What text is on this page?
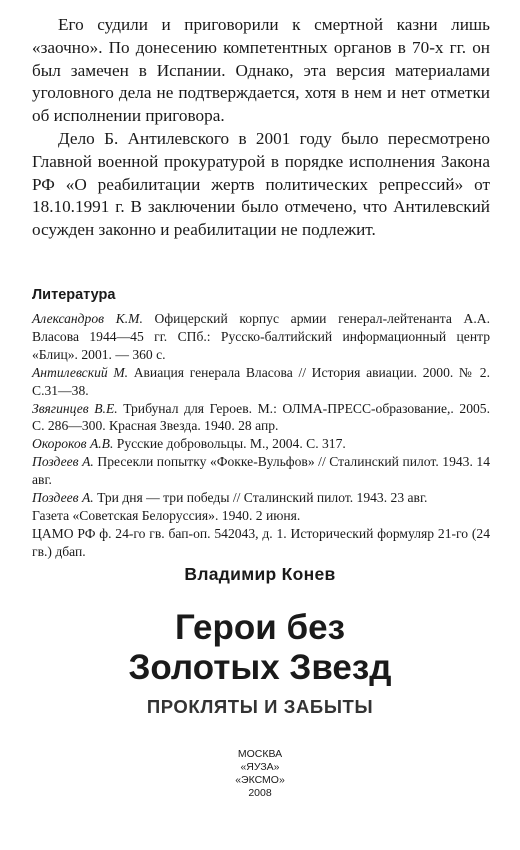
Его судили и приговорили к смертной казни лишь «заочно». По донесению компетентных органов в 70-х гг. он был замечен в Испании. Однако, эта версия материалами уголовного дела не подтверждается, хотя в нем и нет отметки об исполнении приговора.

Дело Б. Антилевского в 2001 году было пересмотрено Главной военной прокуратурой в порядке исполнения Закона РФ «О реабилитации жертв политических репрессий» от 18.10.1991 г. В заключении было отмечено, что Антилевский осужден законно и реабилитации не подлежит.

Литература

Александров К.М. Офицерский корпус армии генерал-лейтенанта А.А. Власова 1944—45 гг. СПб.: Русско-балтийский информационный центр «Блиц». 2001. — 360 с.

Антилевский М. Авиация генерала Власова // История авиации. 2000. № 2. С.31—38.

Звягинцев В.Е. Трибунал для Героев. М.: ОЛМА-ПРЕСС-образование,. 2005. С. 286—300. Красная Звезда. 1940. 28 апр.

Окороков А.В. Русские добровольцы. М., 2004. С. 317.

Поздеев А. Пресекли попытку «Фокке-Вульфов» // Сталинский пилот. 1943. 14 авг.

Поздеев А. Три дня — три победы // Сталинский пилот. 1943. 23 авг.

Газета «Советская Белоруссия». 1940. 2 июня.

ЦАМО РФ ф. 24-го гв. бап-оп. 542043, д. 1. Исторический формуляр 21-го (24 гв.) дбап.

Владимир Конев
Герои без
Золотых Звезд
ПРОКЛЯТЫ И ЗАБЫТЫ
МОСКВА
«ЯУЗА»
«ЭКСМО»
2008
